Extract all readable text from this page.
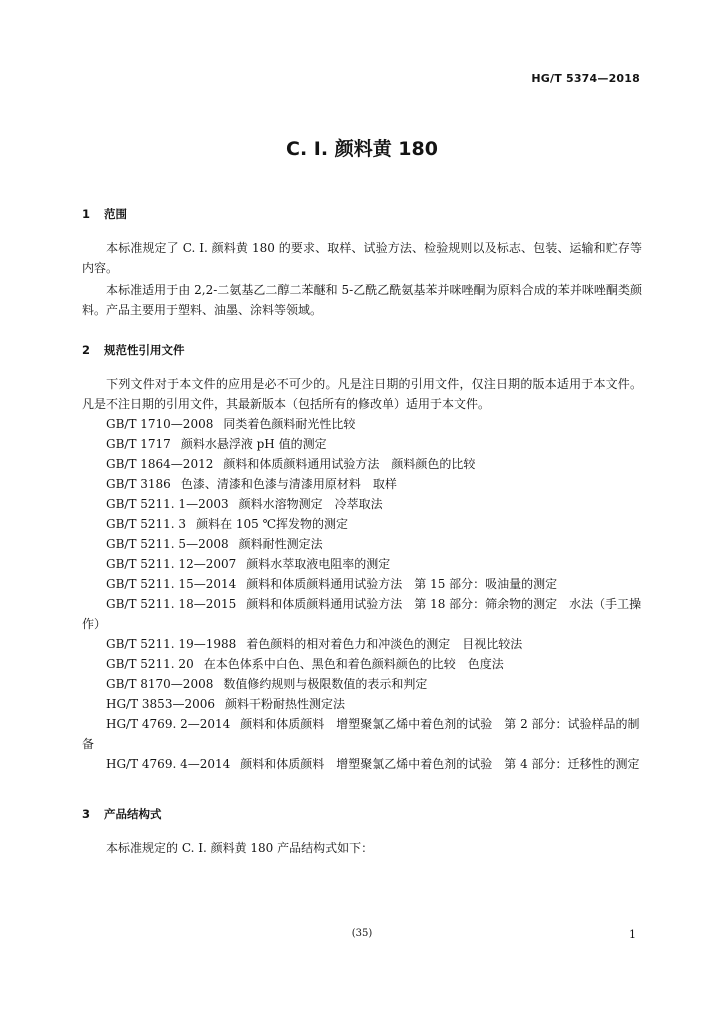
HG/T 5374—2018
C. I. 颜料黄 180
1 范围
本标准规定了 C. I. 颜料黄 180 的要求、取样、试验方法、检验规则以及标志、包装、运输和贮存等内容。
本标准适用于由 2,2-二氨基乙二醇二苯醚和 5-乙酰乙酰氨基苯并咪唑酮为原料合成的苯并咪唑酮类颜料。产品主要用于塑料、油墨、涂料等领域。
2 规范性引用文件
下列文件对于本文件的应用是必不可少的。凡是注日期的引用文件，仅注日期的版本适用于本文件。凡是不注日期的引用文件，其最新版本（包括所有的修改单）适用于本文件。
GB/T 1710—2008 同类着色颜料耐光性比较
GB/T 1717 颜料水悬浮液 pH 值的测定
GB/T 1864—2012 颜料和体质颜料通用试验方法　颜料颜色的比较
GB/T 3186 色漆、清漆和色漆与清漆用原材料　取样
GB/T 5211. 1—2003 颜料水溶物测定　冷萃取法
GB/T 5211. 3 颜料在 105 ℃挥发物的测定
GB/T 5211. 5—2008 颜料耐性测定法
GB/T 5211. 12—2007 颜料水萃取液电阻率的测定
GB/T 5211. 15—2014 颜料和体质颜料通用试验方法　第 15 部分：吸油量的测定
GB/T 5211. 18—2015 颜料和体质颜料通用试验方法　第 18 部分：筛余物的测定　水法（手工操作）
GB/T 5211. 19—1988 着色颜料的相对着色力和冲淡色的测定　目视比较法
GB/T 5211. 20 在本色体系中白色、黑色和着色颜料颜色的比较　色度法
GB/T 8170—2008 数值修约规则与极限数值的表示和判定
HG/T 3853—2006 颜料干粉耐热性测定法
HG/T 4769. 2—2014 颜料和体质颜料　增塑聚氯乙烯中着色剂的试验　第 2 部分：试验样品的制备
HG/T 4769. 4—2014 颜料和体质颜料　增塑聚氯乙烯中着色剂的试验　第 4 部分：迁移性的测定
3 产品结构式
本标准规定的 C. I. 颜料黄 180 产品结构式如下：
(35)	1
